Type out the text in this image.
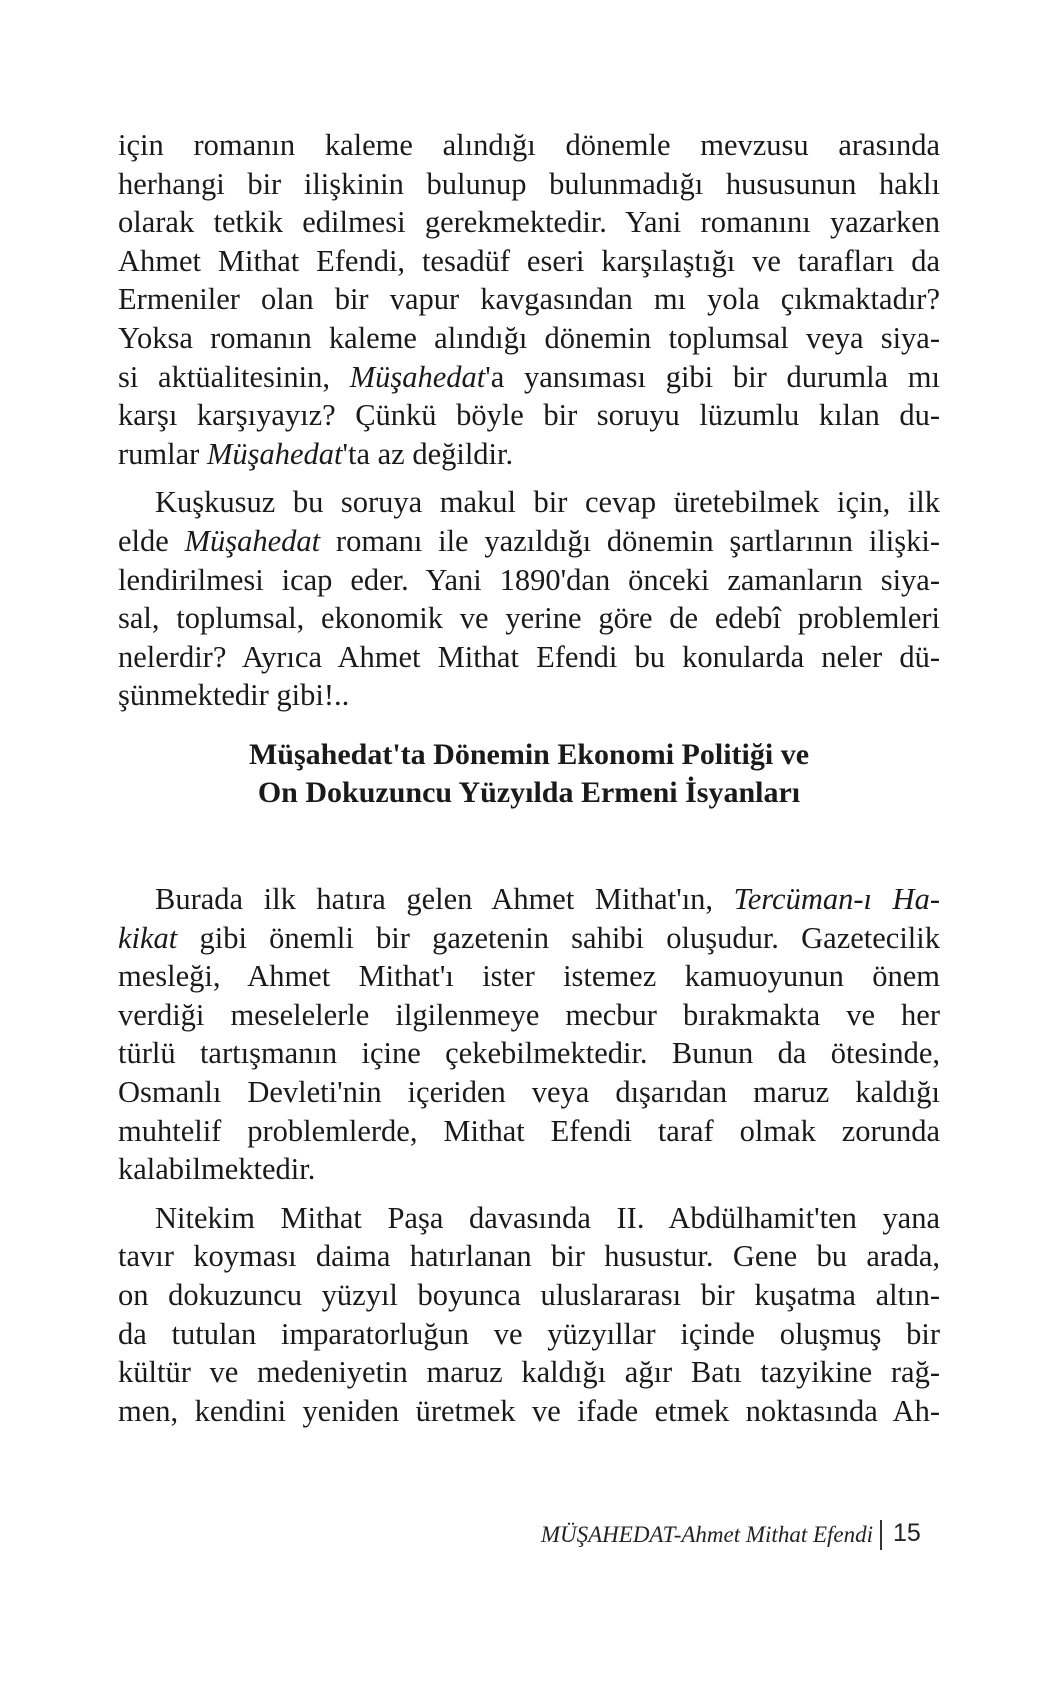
için romanın kaleme alındığı dönemle mevzusu arasında
herhangi bir ilişkinin bulunup bulunmadığı hususunun haklı
olarak tetkik edilmesi gerekmektedir. Yani romanını yazarken
Ahmet Mithat Efendi, tesadüf eseri karşılaştığı ve tarafları da
Ermeniler olan bir vapur kavgasından mı yola çıkmaktadır?
Yoksa romanın kaleme alındığı dönemin toplumsal veya siya-
si aktüalitesinin, Müşahedat'a yansıması gibi bir durumla mı
karşı karşıyayız? Çünkü böyle bir soruyu lüzumlu kılan du-
rumlar Müşahedat'ta az değildir.
Kuşkusuz bu soruya makul bir cevap üretebilmek için, ilk
elde Müşahedat romanı ile yazıldığı dönemin şartlarının ilişki-
lendirilmesi icap eder. Yani 1890'dan önceki zamanların siya-
sal, toplumsal, ekonomik ve yerine göre de edebî problemleri
nelerdir? Ayrıca Ahmet Mithat Efendi bu konularda neler dü-
şünmektedir gibi!..
Müşahedat'ta Dönemin Ekonomi Politiği ve
On Dokuzuncu Yüzyılda Ermeni İsyanları
Burada ilk hatıra gelen Ahmet Mithat'ın, Tercüman-ı Ha-
kikat gibi önemli bir gazetenin sahibi oluşudur. Gazetecilik
mesleği, Ahmet Mithat'ı ister istemez kamuoyunun önem
verdiği meselelerle ilgilenmeye mecbur bırakmakta ve her
türlü tartışmanın içine çekebilmektedir. Bunun da ötesinde,
Osmanlı Devleti'nin içeriden veya dışarıdan maruz kaldığı
muhtelif problemlerde, Mithat Efendi taraf olmak zorunda
kalabilmektedir.
Nitekim Mithat Paşa davasında II. Abdülhamit'ten yana
tavır koyması daima hatırlanan bir husustur. Gene bu arada,
on dokuzuncu yüzyıl boyunca uluslararası bir kuşatma altın-
da tutulan imparatorluğun ve yüzyıllar içinde oluşmuş bir
kültür ve medeniyetin maruz kaldığı ağır Batı tazyikine rağ-
men, kendini yeniden üretmek ve ifade etmek noktasında Ah-
MÜŞAHEDAT-Ahmet Mithat Efendi 15
